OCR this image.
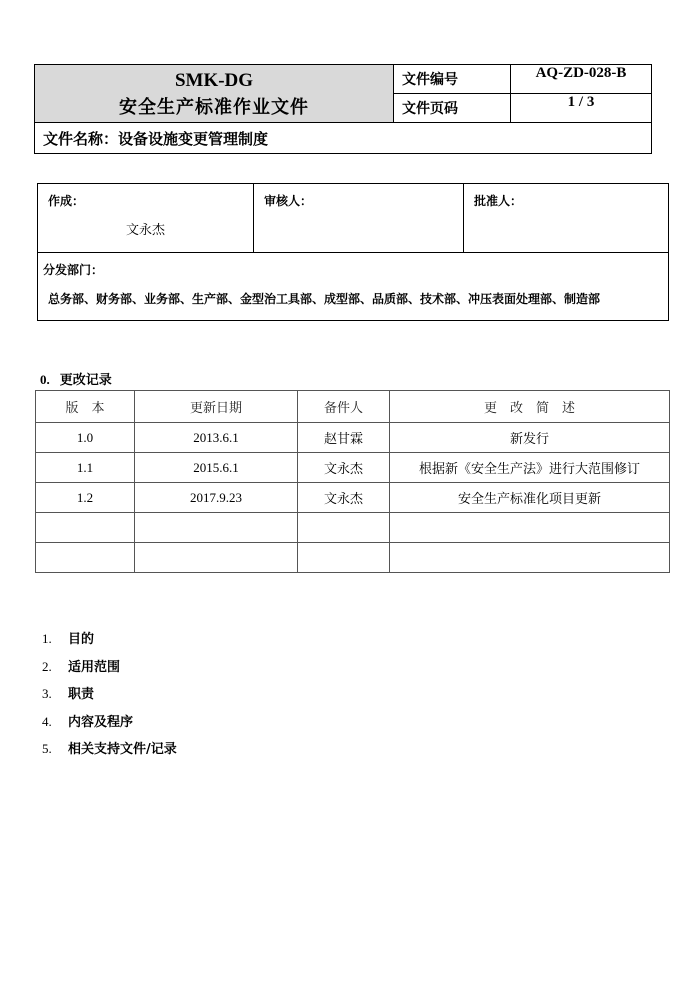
SMK-DG
安全生产标准作业文件	文件编号	AQ-ZD-028-B
	文件页码	1 / 3
文件名称：设备设施变更管理制度		
作成：
文永杰

审核人：	批准人：

分发部门：
总务部、财务部、业务部、生产部、金型治工具部、成型部、品质部、技术部、冲压表面处理部、制造部
0. 更改记录
版　本	更新日期	备件人	更　改　简　述
1.0	2013.6.1	赵甘霖	新发行
1.1	2015.6.1	文永杰	根据新《安全生产法》进行大范围修订
1.2	2017.9.23	文永杰	安全生产标准化项目更新

1. 目的
2. 适用范围
3. 职责
4. 内容及程序
5. 相关支持文件/记录
